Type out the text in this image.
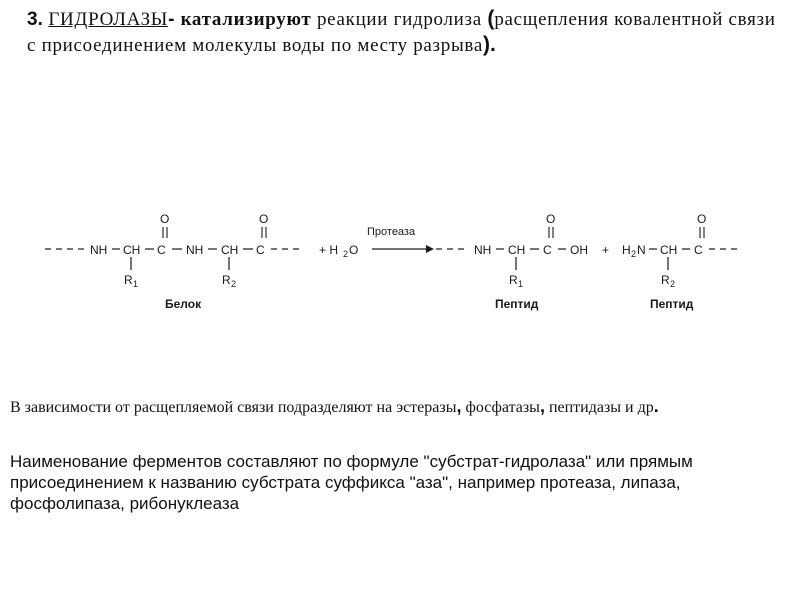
3. ГИДРОЛАЗЫ- катализируют реакции гидролиза (расщепления ковалентной связи с присоединением молекулы воды по месту разрыва).

NH CH
R 1
C
O
NH CH
R 2
C
O
Белок
+ H 2 O
Протеаза
NH CH
R 1
C
O
OH
Пептид
+ H 2 N CH
R 2
C
O
Пептид

В зависимости от расщепляемой связи подразделяют на эстеразы, фосфатазы, пептидазы и др.

Наименование ферментов составляют по формуле "субстрат-гидролаза" или прямым присоединением к названию субстрата суффикса "аза", например протеаза, липаза, фосфолипаза, рибонуклеаза
